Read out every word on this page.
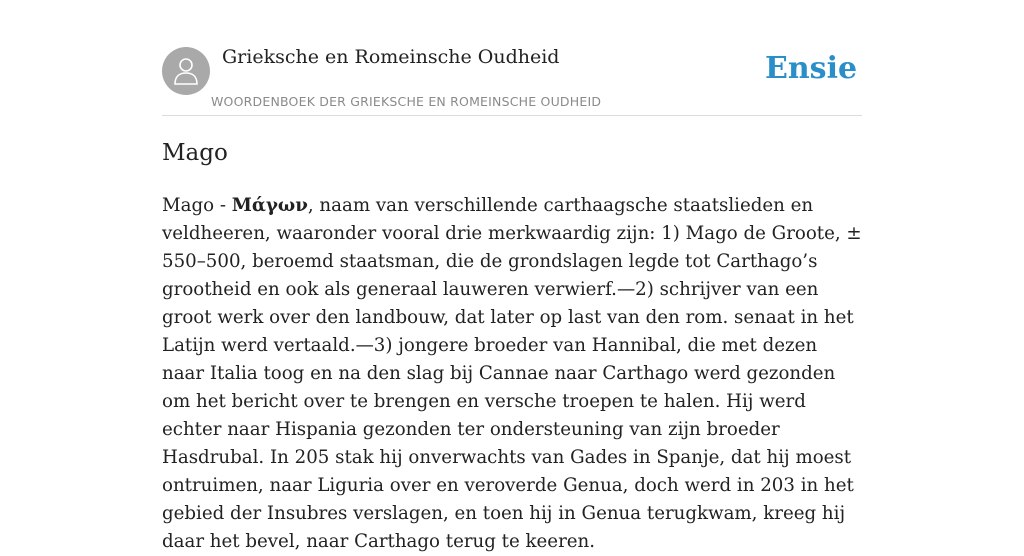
Grieksche en Romeinsche Oudheid
WOORDENBOEK DER GRIEKSCHE EN ROMEINSCHE OUDHEID
Ensie
Mago

Mago - Μάγων, naam van verschillende carthaagsche staatslieden en veldheeren, waaronder vooral drie merkwaardig zijn: 1) Mago de Groote, ± 550–500, beroemd staatsman, die de grondslagen legde tot Carthago’s grootheid en ook als generaal lauweren verwierf.—2) schrijver van een groot werk over den landbouw, dat later op last van den rom. senaat in het Latijn werd vertaald.—3) jongere broeder van Hannibal, die met dezen naar Italia toog en na den slag bij Cannae naar Carthago werd gezonden om het bericht over te brengen en versche troepen te halen. Hij werd echter naar Hispania gezonden ter ondersteuning van zijn broeder Hasdrubal. In 205 stak hij onverwachts van Gades in Spanje, dat hij moest ontruimen, naar Liguria over en veroverde Genua, doch werd in 203 in het gebied der Insubres verslagen, en toen hij in Genua terugkwam, kreeg hij daar het bevel, naar Carthago terug te keeren.
